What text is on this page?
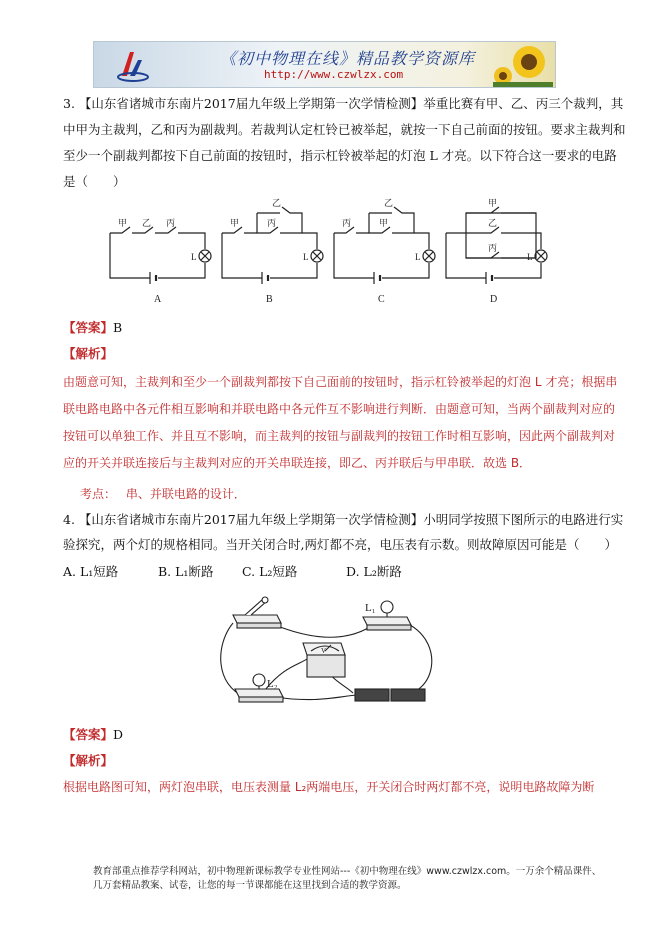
《初中物理在线》精品教学资源库
http://www.czwlzx.com
3. 【山东省诸城市东南片2017届九年级上学期第一次学情检测】举重比赛有甲、乙、丙三个裁判，其
中甲为主裁判，乙和丙为副裁判。若裁判认定杠铃已被举起，就按一下自己前面的按钮。要求主裁判和
至少一个副裁判都按下自己前面的按钮时，指示杠铃被举起的灯泡 L 才亮。以下符合这一要求的电路
是（　　）
甲 乙 丙
L
甲
乙
丙
L
丙
乙
甲
L
甲
乙
丙
L
A	B	C	D
【答案】B
【解析】
由题意可知，主裁判和至少一个副裁判都按下自己面前的按钮时，指示杠铃被举起的灯泡 L 才亮；根据串
联电路电路中各元件相互影响和并联电路中各元件互不影响进行判断．由题意可知，当两个副裁判对应的
按钮可以单独工作、并且互不影响，而主裁判的按钮与副裁判的按钮工作时相互影响，因此两个副裁判对
应的开关并联连接后与主裁判对应的开关串联连接，即乙、丙并联后与甲串联．故选 B．
考点： 串、并联电路的设计．
4. 【山东省诸城市东南片2017届九年级上学期第一次学情检测】小明同学按照下图所示的电路进行实
验探究，两个灯的规格相同。当开关闭合时,两灯都不亮，电压表有示数。则故障原因可能是（　　）
A. L₁短路	B. L₁断路 C. L₂短路	D. L₂断路
L₁
L₂
V
【答案】D
【解析】
根据电路图可知，两灯泡串联，电压表测量 L₂两端电压，开关闭合时两灯都不亮，说明电路故障为断
教育部重点推荐学科网站，初中物理新课标教学专业性网站---《初中物理在线》www.czwlzx.com。一万余个精品课件、
几万套精品教案、试卷，让您的每一节课都能在这里找到合适的教学资源。
